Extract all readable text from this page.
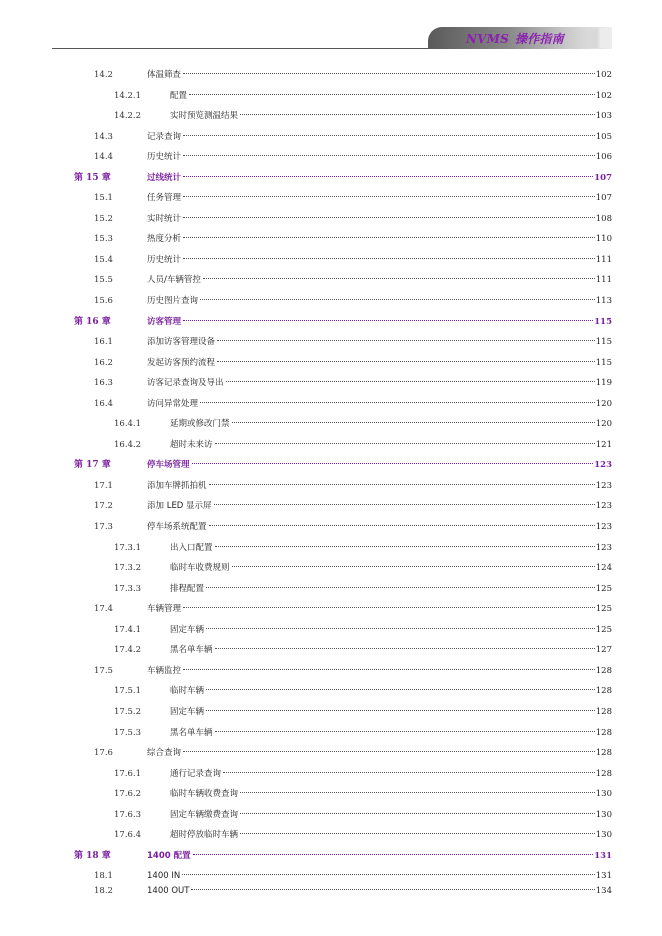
NVMS 操作指南
14.2	体温筛查	102
14.2.1	配置	102
14.2.2	实时预览测温结果	103
14.3	记录查询	105
14.4	历史统计	106
第 15 章	过线统计	107
15.1	任务管理	107
15.2	实时统计	108
15.3	热度分析	110
15.4	历史统计	111
15.5	人员/车辆管控	111
15.6	历史图片查询	113
第 16 章	访客管理	115
16.1	添加访客管理设备	115
16.2	发起访客预约流程	115
16.3	访客记录查询及导出	119
16.4	访问异常处理	120
16.4.1	延期或修改门禁	120
16.4.2	超时未来访	121
第 17 章	停车场管理	123
17.1	添加车牌抓拍机	123
17.2	添加 LED 显示屏	123
17.3	停车场系统配置	123
17.3.1	出入口配置	123
17.3.2	临时车收费规则	124
17.3.3	排程配置	125
17.4	车辆管理	125
17.4.1	固定车辆	125
17.4.2	黑名单车辆	127
17.5	车辆监控	128
17.5.1	临时车辆	128
17.5.2	固定车辆	128
17.5.3	黑名单车辆	128
17.6	综合查询	128
17.6.1	通行记录查询	128
17.6.2	临时车辆收费查询	130
17.6.3	固定车辆缴费查询	130
17.6.4	超时停放临时车辆	130
第 18 章	1400 配置	131
18.1	1400 IN	131
18.2	1400 OUT	134
